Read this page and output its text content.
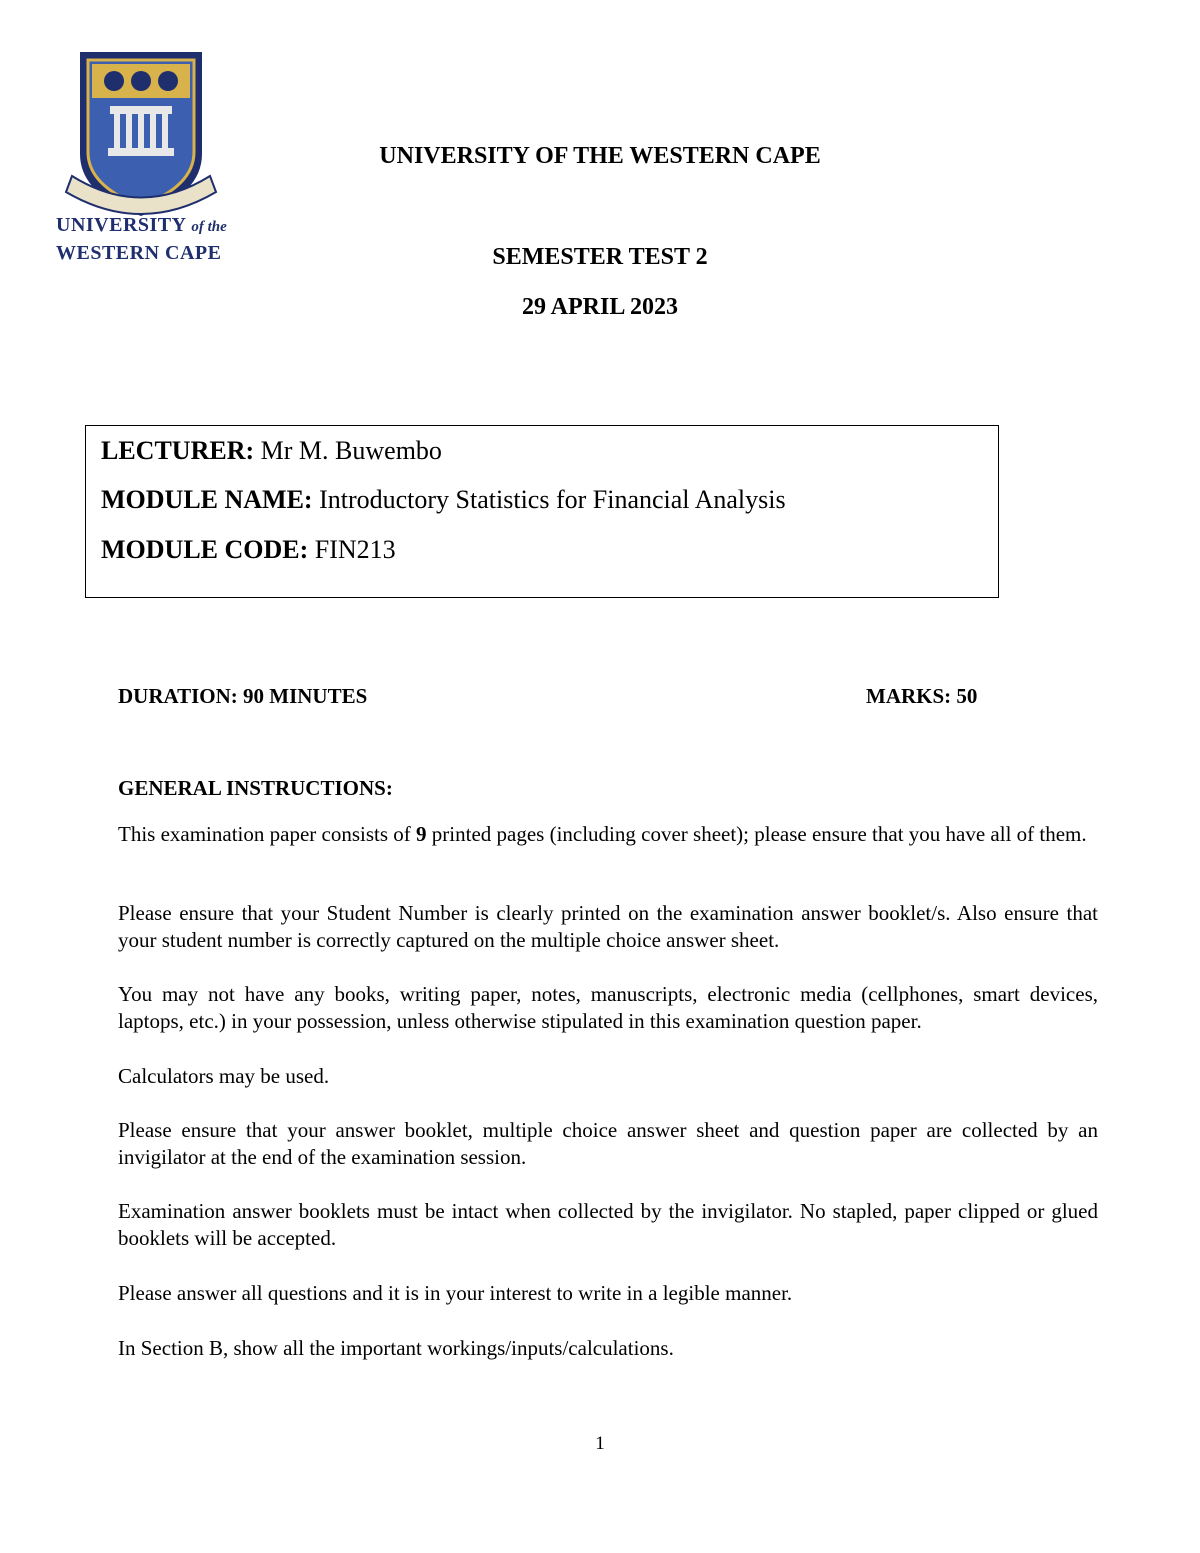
UNIVERSITY of the
WESTERN CAPE
UNIVERSITY OF THE WESTERN CAPE
SEMESTER TEST 2
29 APRIL 2023
LECTURER: Mr M. Buwembo
MODULE NAME: Introductory Statistics for Financial Analysis
MODULE CODE: FIN213
DURATION: 90 MINUTES	MARKS: 50
GENERAL INSTRUCTIONS:
This examination paper consists of 9 printed pages (including cover sheet); please ensure that you have all of them.
Please ensure that your Student Number is clearly printed on the examination answer booklet/s. Also ensure that your student number is correctly captured on the multiple choice answer sheet.
You may not have any books, writing paper, notes, manuscripts, electronic media (cellphones, smart devices, laptops, etc.) in your possession, unless otherwise stipulated in this examination question paper.
Calculators may be used.
Please ensure that your answer booklet, multiple choice answer sheet and question paper are collected by an invigilator at the end of the examination session.
Examination answer booklets must be intact when collected by the invigilator. No stapled, paper clipped or glued booklets will be accepted.
Please answer all questions and it is in your interest to write in a legible manner.
In Section B, show all the important workings/inputs/calculations.
1
